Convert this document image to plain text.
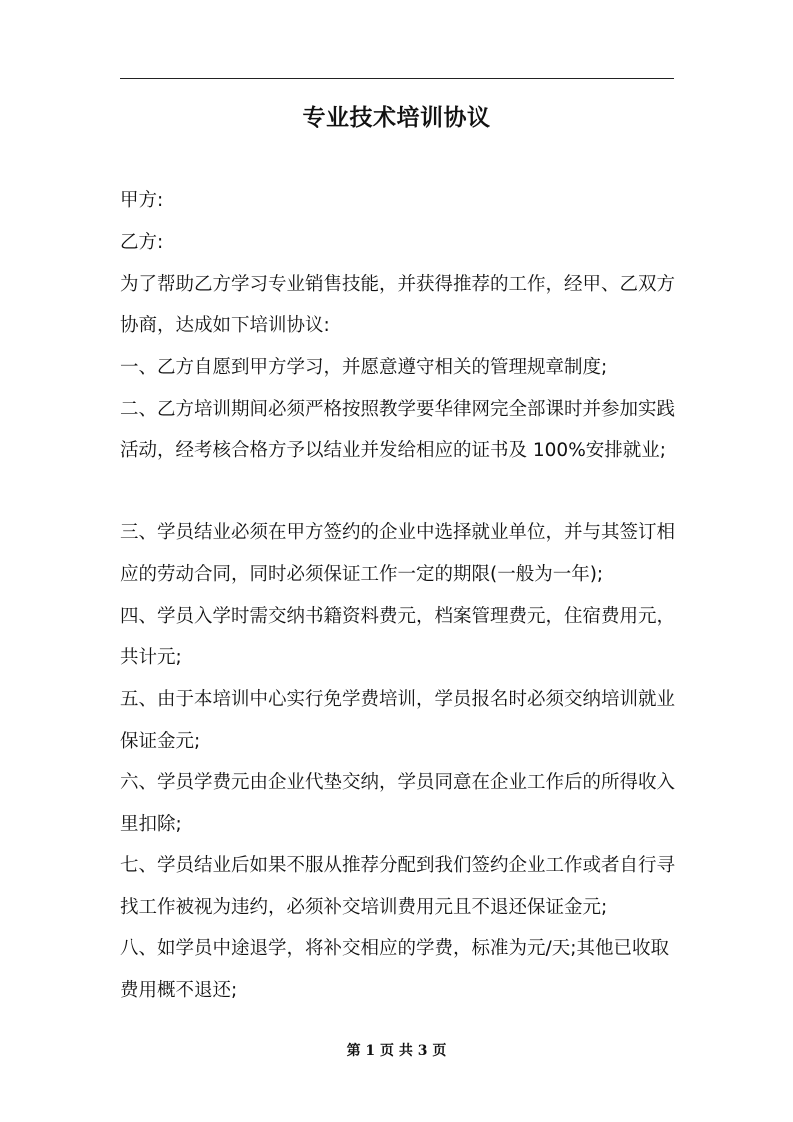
专业技术培训协议
甲方:
乙方:
为了帮助乙方学习专业销售技能，并获得推荐的工作，经甲、乙双方
协商，达成如下培训协议:
一、乙方自愿到甲方学习，并愿意遵守相关的管理规章制度;
二、乙方培训期间必须严格按照教学要华律网完全部课时并参加实践
活动，经考核合格方予以结业并发给相应的证书及 100%安排就业;
三、学员结业必须在甲方签约的企业中选择就业单位，并与其签订相
应的劳动合同，同时必须保证工作一定的期限(一般为一年);
四、学员入学时需交纳书籍资料费元，档案管理费元，住宿费用元，
共计元;
五、由于本培训中心实行免学费培训，学员报名时必须交纳培训就业
保证金元;
六、学员学费元由企业代垫交纳，学员同意在企业工作后的所得收入
里扣除;
七、学员结业后如果不服从推荐分配到我们签约企业工作或者自行寻
找工作被视为违约，必须补交培训费用元且不退还保证金元;
八、如学员中途退学，将补交相应的学费，标准为元/天;其他已收取
费用概不退还;
第 1 页 共 3 页
